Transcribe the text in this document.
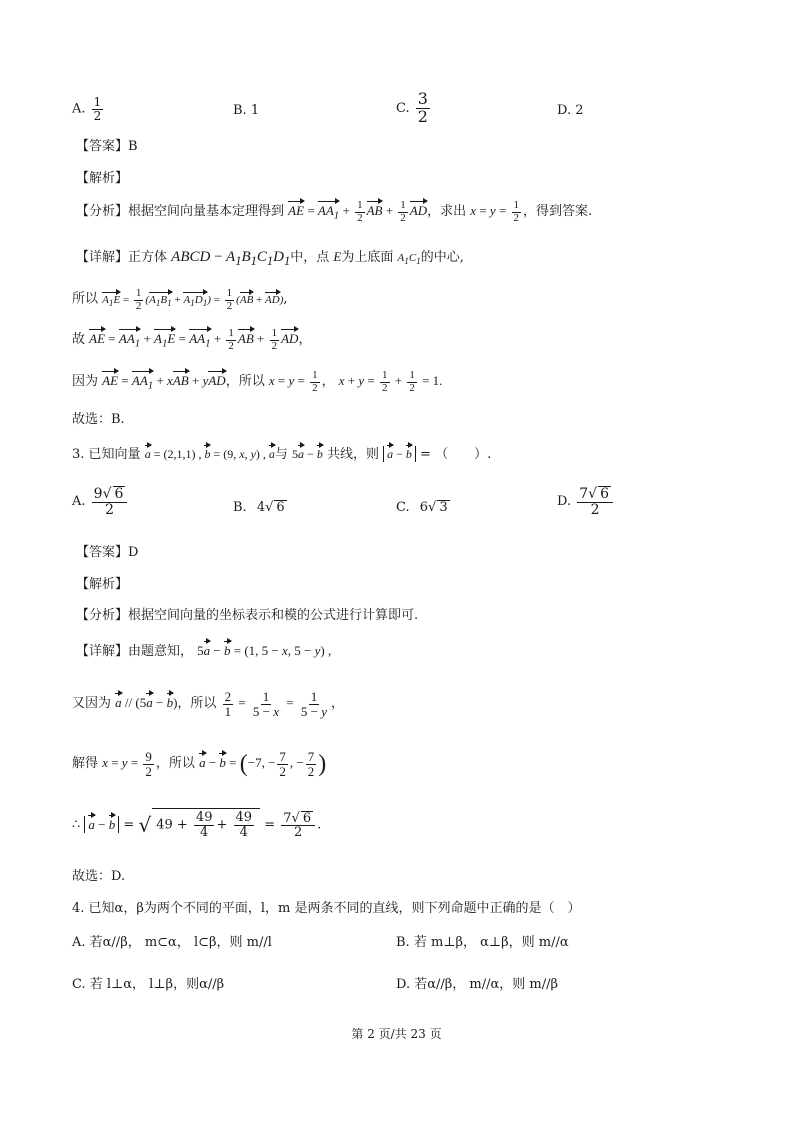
A. $\frac{1}{2}$	B. 1	C. $\frac{3}{2}$	D. 2
【答案】B
【解析】
【分析】根据空间向量基本定理得到 AE = $AA_1 + \frac{1}{2}$ AB + $\frac{1}{2}$ AD，求出 $x = y = \frac{1}{2}$ ，得到答案.
【详解】正方体 ABCD − $A_1B_1C_1D_1$中，点 E为上底面 $A_1C_1$的中心,
所以 $A_1E = \frac{1}{2} (A_1B_1 + A_1D_1) = \frac{1}{2} (AB + AD)$,
故 AE = $AA_1 + A_1E = AA_1 + \frac{1}{2}$ AB + $\frac{1}{2}$ AD，
因为 AE = $AA_1$ + xAB + yAD，所以 $x = y = \frac{1}{2}$ ， $x + y = \frac{1}{2} + \frac{1}{2} = 1$.
故选：B.
3. 已知向量 a = (2,1,1) , b = (9, x, y) , a与 5a − b 共线，则 a − b = （　　）.
A. $\frac{9√ 6}{2}$	B. 4√ 6	C. 6√ 3	D. $\frac{7√ 6}{2}$
【答案】D
【解析】
【分析】根据空间向量的坐标表示和模的公式进行计算即可.
【详解】由题意知， 5a − b = (1, 5 − x, 5 − y) ,
又因为 a // (5a − b)，所以 $\frac{2}{1} = \frac{1}{5 - x} = \frac{1}{5 - y}$ ，
解得 $x = y = \frac{9}{2}$ ，所以 a − b = (−7, − $\frac{7}{2}$ , − $\frac{7}{2}$ )
∴ a − b = √ $49 + \frac{49}{4} + \frac{49}{4} = \frac{7√ 6}{2}$ .
故选：D.
4. 已知α，β为两个不同的平面，l，m 是两条不同的直线，则下列命题中正确的是（　）
A. 若α//β， m⊂α， l⊂β，则 m//l	B. 若 m⊥β， α⊥β，则 m//α
C. 若 l⊥α， l⊥β，则α//β	D. 若α//β， m//α，则 m//β
第 2 页/共 23 页
